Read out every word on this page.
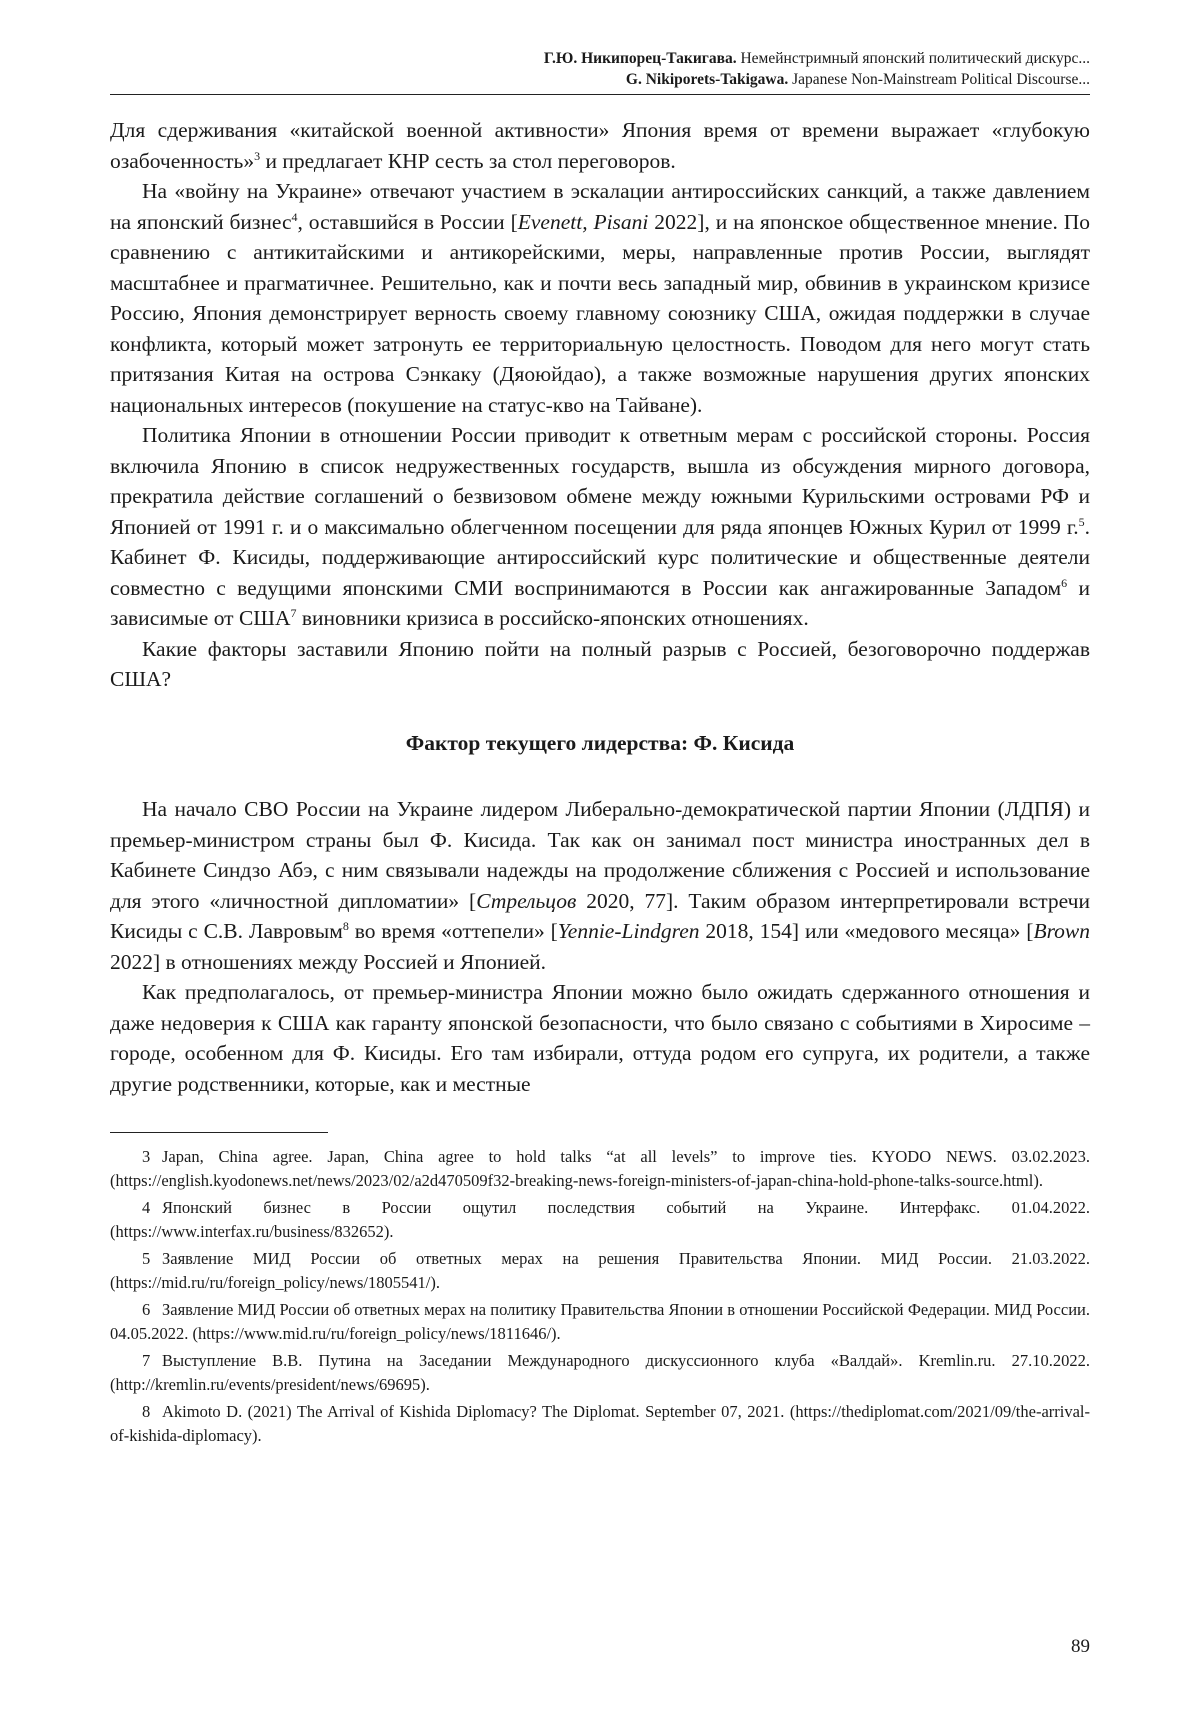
Г.Ю. Никипорец-Такигава. Немейнстримный японский политический дискурс...
G. Nikiporets-Takigawa. Japanese Non-Mainstream Political Discourse...

Для сдерживания «китайской военной активности» Япония время от времени выражает «глубокую озабоченность»$^3$ и предлагает КНР сесть за стол переговоров.

На «войну на Украине» отвечают участием в эскалации антироссийских санкций, а также давлением на японский бизнес$^4$, оставшийся в России [Evenett, Pisani 2022], и на японское общественное мнение. По сравнению с антикитайскими и антикорейскими, меры, направленные против России, выглядят масштабнее и прагматичнее. Решительно, как и почти весь западный мир, обвинив в украинском кризисе Россию, Япония демонстрирует верность своему главному союзнику США, ожидая поддержки в случае конфликта, который может затронуть ее территориальную целостность. Поводом для него могут стать притязания Китая на острова Сэнкаку (Дяоюйдао), а также возможные нарушения других японских национальных интересов (покушение на статус-кво на Тайване).

Политика Японии в отношении России приводит к ответным мерам с российской стороны. Россия включила Японию в список недружественных государств, вышла из обсуждения мирного договора, прекратила действие соглашений о безвизовом обмене между южными Курильскими островами РФ и Японией от 1991 г. и о максимально облегченном посещении для ряда японцев Южных Курил от 1999 г.$^5$. Кабинет Ф. Кисиды, поддерживающие антироссийский курс политические и общественные деятели совместно с ведущими японскими СМИ воспринимаются в России как ангажированные Западом$^6$ и зависимые от США$^7$ виновники кризиса в российско-японских отношениях.

Какие факторы заставили Японию пойти на полный разрыв с Россией, безоговорочно поддержав США?

Фактор текущего лидерства: Ф. Кисида

На начало СВО России на Украине лидером Либерально-демократической партии Японии (ЛДПЯ) и премьер-министром страны был Ф. Кисида. Так как он занимал пост министра иностранных дел в Кабинете Синдзо Абэ, с ним связывали надежды на продолжение сближения с Россией и использование для этого «личностной дипломатии» [Стрельцов 2020, 77]. Таким образом интерпретировали встречи Кисиды с С.В. Лавровым$^8$ во время «оттепели» [Yennie-Lindgren 2018, 154] или «медового месяца» [Brown 2022] в отношениях между Россией и Японией.

Как предполагалось, от премьер-министра Японии можно было ожидать сдержанного отношения и даже недоверия к США как гаранту японской безопасности, что было связано с событиями в Хиросиме – городе, особенном для Ф. Кисиды. Его там избирали, оттуда родом его супруга, их родители, а также другие родственники, которые, как и местные

3 Japan, China agree. Japan, China agree to hold talks “at all levels” to improve ties. KYODO NEWS. 03.02.2023. (https://english.kyodonews.net/news/2023/02/a2d470509f32-breaking-news-foreign-ministers-of-japan-china-hold-phone-talks-source.html).

4 Японский бизнес в России ощутил последствия событий на Украине. Интерфакс. 01.04.2022. (https://www.interfax.ru/business/832652).

5 Заявление МИД России об ответных мерах на решения Правительства Японии. МИД России. 21.03.2022. (https://mid.ru/ru/foreign_policy/news/1805541/).

6 Заявление МИД России об ответных мерах на политику Правительства Японии в отношении Российской Федерации. МИД России. 04.05.2022. (https://www.mid.ru/ru/foreign_policy/news/1811646/).

7 Выступление В.В. Путина на Заседании Международного дискуссионного клуба «Валдай». Kremlin.ru. 27.10.2022. (http://kremlin.ru/events/president/news/69695).

8 Akimoto D. (2021) The Arrival of Kishida Diplomacy? The Diplomat. September 07, 2021. (https://thediplomat.com/2021/09/the-arrival-of-kishida-diplomacy).

89
